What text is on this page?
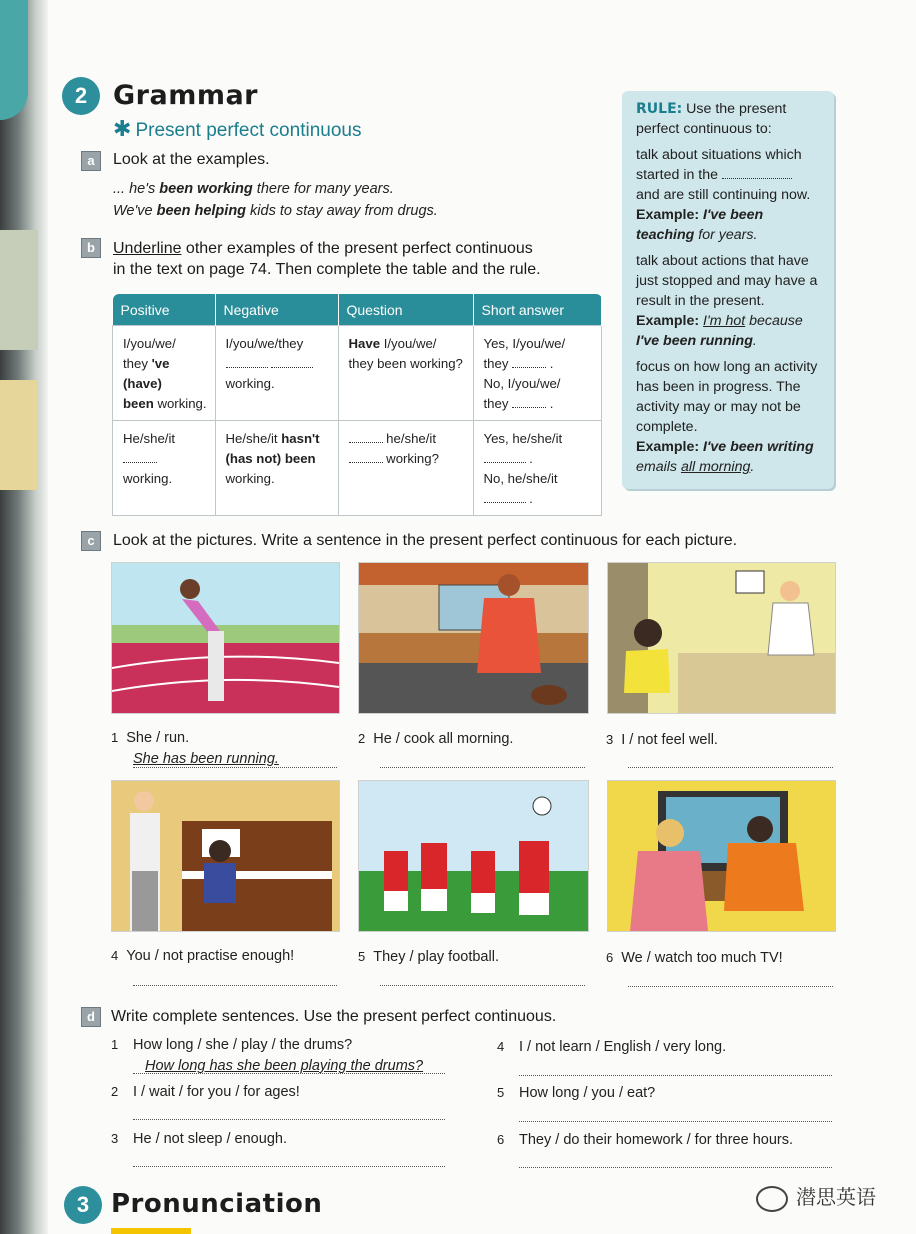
2 Grammar
✱ Present perfect continuous
a	Look at the examples.
... he's been working there for many years.
We've been helping kids to stay away from drugs.
b	Underline other examples of the present perfect continuous
in the text on page 74. Then complete the table and the rule.
Positive	Negative	Question	Short answer
I/you/we/
they 've (have)
been working.	I/you/we/they

working.	Have I/you/we/
they been working?	Yes, I/you/we/
they .
No, I/you/we/
they .
He/she/it
working.	He/she/it hasn't
(has not) been
working.	he/she/it
working?	Yes, he/she/it
.
No, he/she/it
.

RULE: Use the present perfect continuous to:

talk about situations which started in the
and are still continuing now.
Example: I've been
teaching for years.

talk about actions that have just stopped and may have a result in the present.
Example: I'm hot because
I've been running.

focus on how long an activity has been in progress. The activity may or may not be complete.
Example: I've been writing
emails all morning.

c	Look at the pictures. Write a sentence in the present perfect continuous for each picture.
1 She / run.
She has been running.
2 He / cook all morning.	3 I / not feel well.
4 You / not practise enough!	5 They / play football.	6 We / watch too much TV!
d	Write complete sentences. Use the present perfect continuous.
1 How long / she / play / the drums?
How long has she been playing the drums?
2 I / wait / for you / for ages!
3 He / not sleep / enough.
4 I / not learn / English / very long.
5 How long / you / eat?
6 They / do their homework / for three hours.
3 Pronunciation	潜思英语
